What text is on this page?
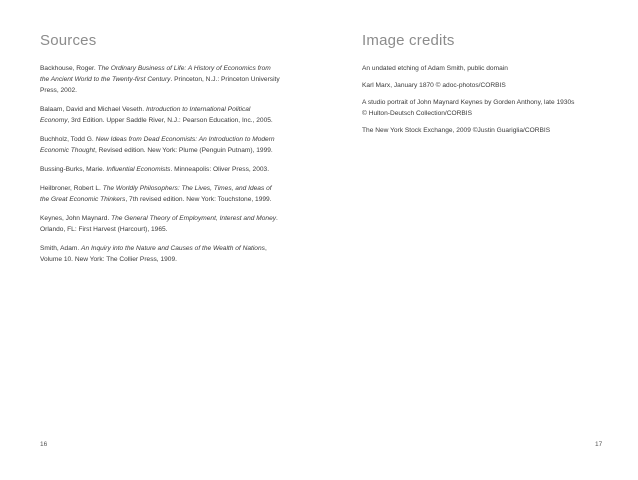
Sources
Backhouse, Roger. The Ordinary Business of Life: A History of Economics from the Ancient World to the Twenty-first Century. Princeton, N.J.: Princeton University Press, 2002.
Balaam, David and Michael Veseth. Introduction to International Political Economy, 3rd Edition. Upper Saddle River, N.J.: Pearson Education, Inc., 2005.
Buchholz, Todd G. New Ideas from Dead Economists: An Introduction to Modern Economic Thought, Revised edition. New York: Plume (Penguin Putnam), 1999.
Bussing-Burks, Marie. Influential Economists. Minneapolis: Oliver Press, 2003.
Heilbroner, Robert L. The Worldly Philosophers: The Lives, Times, and Ideas of the Great Economic Thinkers, 7th revised edition. New York: Touchstone, 1999.
Keynes, John Maynard. The General Theory of Employment, Interest and Money. Orlando, FL: First Harvest (Harcourt), 1965.
Smith, Adam. An Inquiry into the Nature and Causes of the Wealth of Nations, Volume 10. New York: The Collier Press, 1909.
16
Image credits
An undated etching of Adam Smith, public domain
Karl Marx, January 1870 © adoc-photos/CORBIS
A studio portrait of John Maynard Keynes by Gorden Anthony, late 1930s
© Hulton-Deutsch Collection/CORBIS
The New York Stock Exchange, 2009 ©Justin Guariglia/CORBIS
17
